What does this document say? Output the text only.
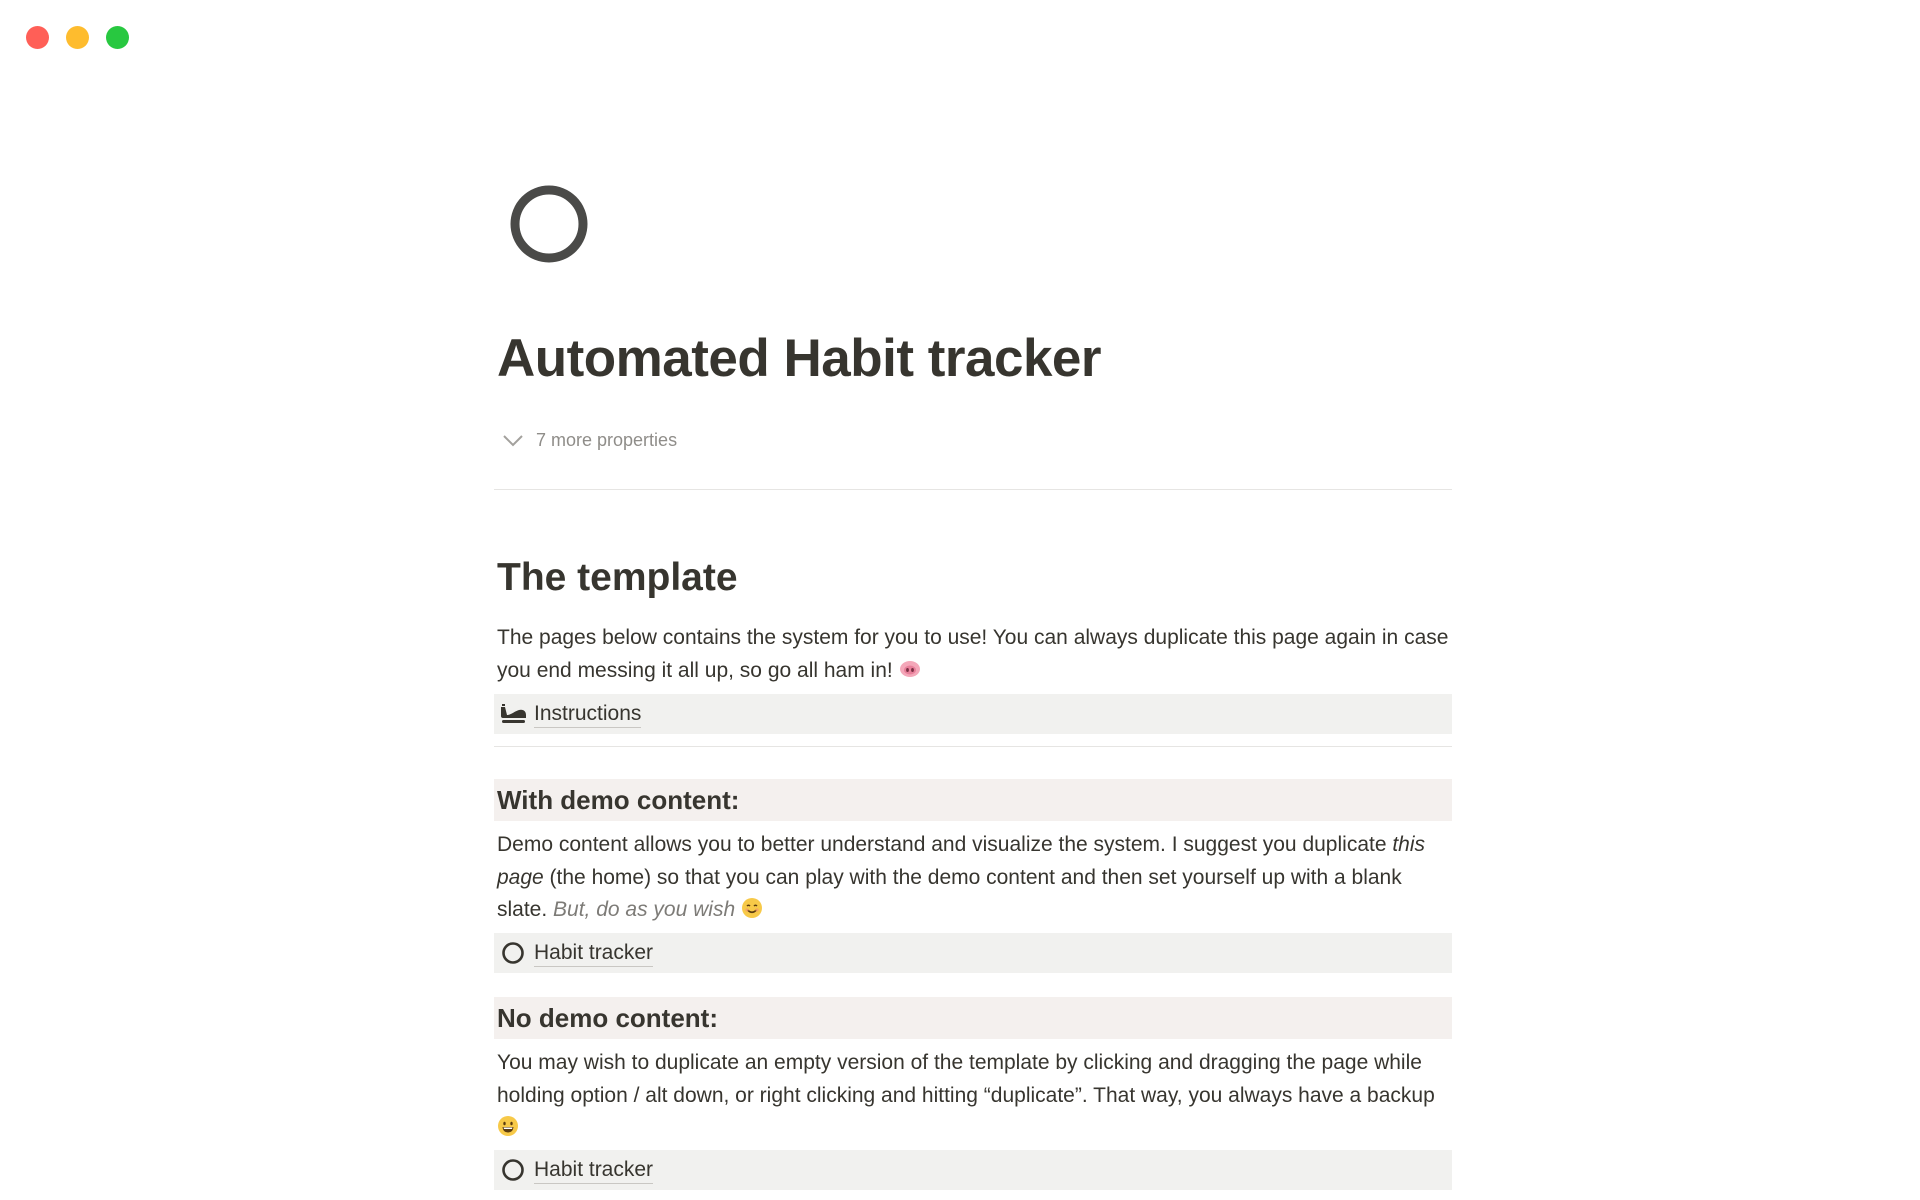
Automated Habit tracker
7 more properties
The template
The pages below contains the system for you to use! You can always duplicate this page again in case you end messing it all up, so go all ham in!
Instructions
With demo content:
Demo content allows you to better understand and visualize the system. I suggest you duplicate this page (the home) so that you can play with the demo content and then set yourself up with a blank slate. But, do as you wish
Habit tracker
No demo content:
You may wish to duplicate an empty version of the template by clicking and dragging the page while holding option / alt down, or right clicking and hitting “duplicate”. That way, you always have a backup
Habit tracker
